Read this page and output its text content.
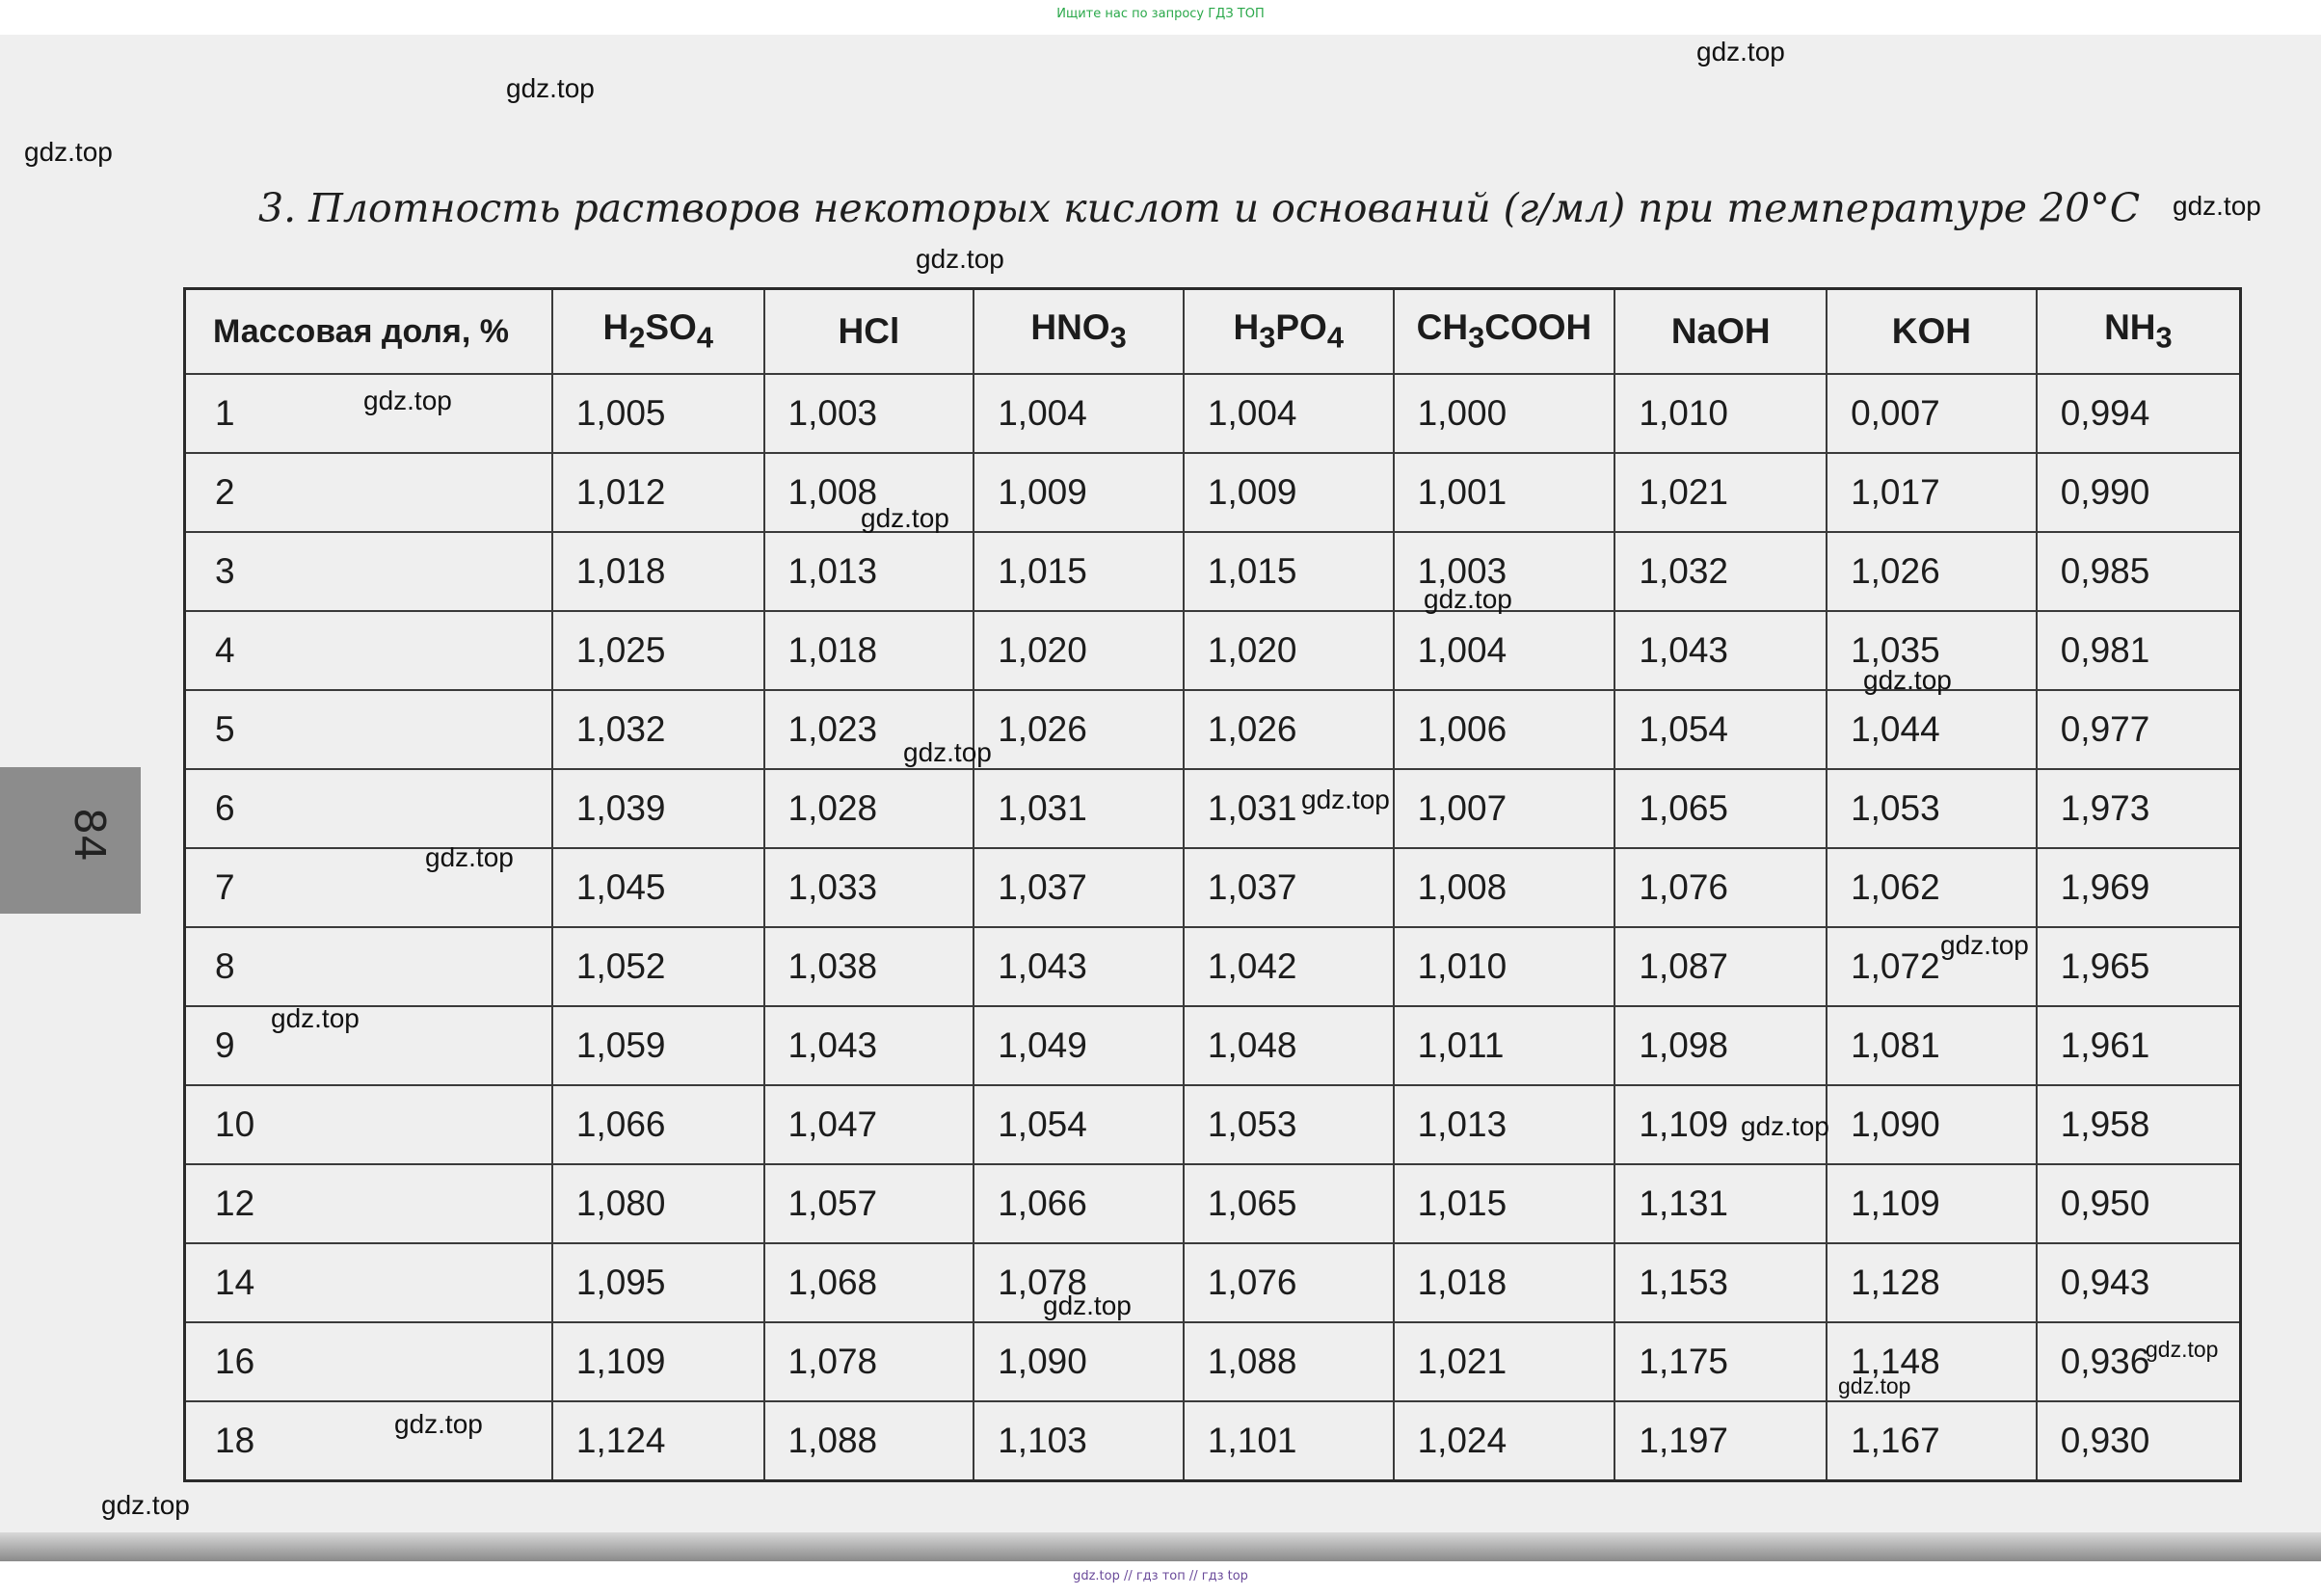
Ищите нас по запросу ГДЗ ТОП
84
3. Плотность растворов некоторых кислот и оснований (г/мл) при температуре 20°C
Массовая доля, %	$H_2SO_4$	HCl	$HNO_3$	$H_3PO_4$	$CH_3COOH$	NaOH	KOH	$NH_3$
1	1,005	1,003	1,004	1,004	1,000	1,010	0,007	0,994
2	1,012	1,008	1,009	1,009	1,001	1,021	1,017	0,990
3	1,018	1,013	1,015	1,015	1,003	1,032	1,026	0,985
4	1,025	1,018	1,020	1,020	1,004	1,043	1,035	0,981
5	1,032	1,023	1,026	1,026	1,006	1,054	1,044	0,977
6	1,039	1,028	1,031	1,031	1,007	1,065	1,053	1,973
7	1,045	1,033	1,037	1,037	1,008	1,076	1,062	1,969
8	1,052	1,038	1,043	1,042	1,010	1,087	1,072	1,965
9	1,059	1,043	1,049	1,048	1,011	1,098	1,081	1,961
10	1,066	1,047	1,054	1,053	1,013	1,109	1,090	1,958
12	1,080	1,057	1,066	1,065	1,015	1,131	1,109	0,950
14	1,095	1,068	1,078	1,076	1,018	1,153	1,128	0,943
16	1,109	1,078	1,090	1,088	1,021	1,175	1,148	0,936
18	1,124	1,088	1,103	1,101	1,024	1,197	1,167	0,930
gdz.top
gdz.top
gdz.top
gdz.top
gdz.top
gdz.top
gdz.top
gdz.top
gdz.top
gdz.top
gdz.top
gdz.top
gdz.top
gdz.top
gdz.top
gdz.top
gdz.top
gdz.top
gdz.top
gdz.top
gdz.top // гдз топ // гдз top
